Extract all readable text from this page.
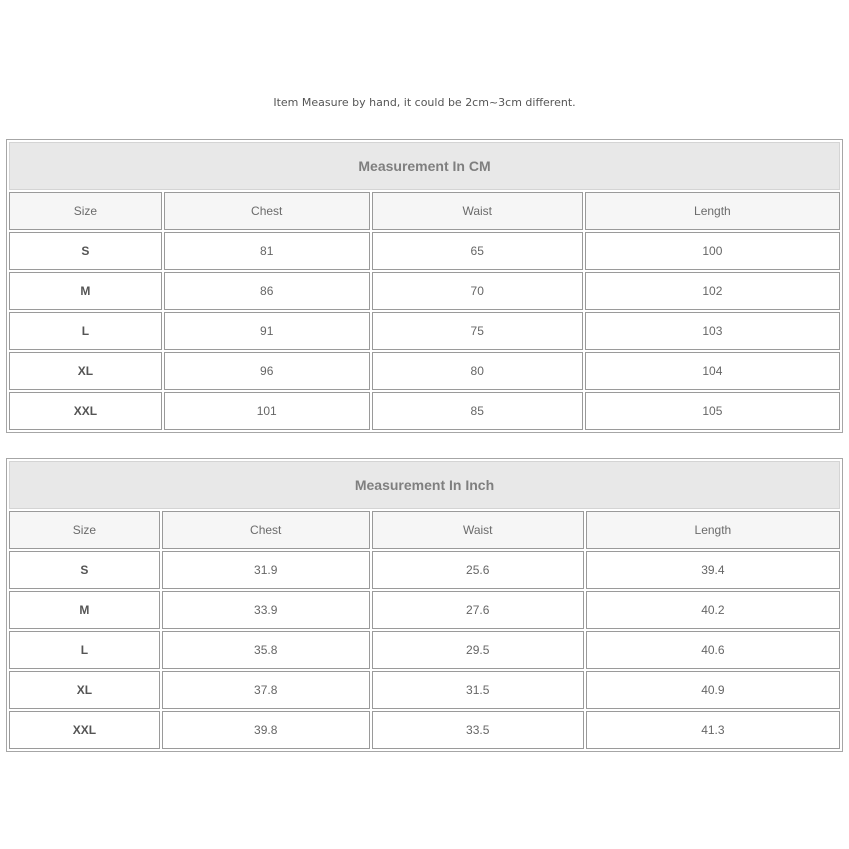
Item Measure by hand, it could be 2cm~3cm different.
Measurement In CM			
Size	Chest	Waist	Length
S	81	65	100
M	86	70	102
L	91	75	103
XL	96	80	104
XXL	101	85	105
Measurement In Inch			
Size	Chest	Waist	Length
S	31.9	25.6	39.4
M	33.9	27.6	40.2
L	35.8	29.5	40.6
XL	37.8	31.5	40.9
XXL	39.8	33.5	41.3
